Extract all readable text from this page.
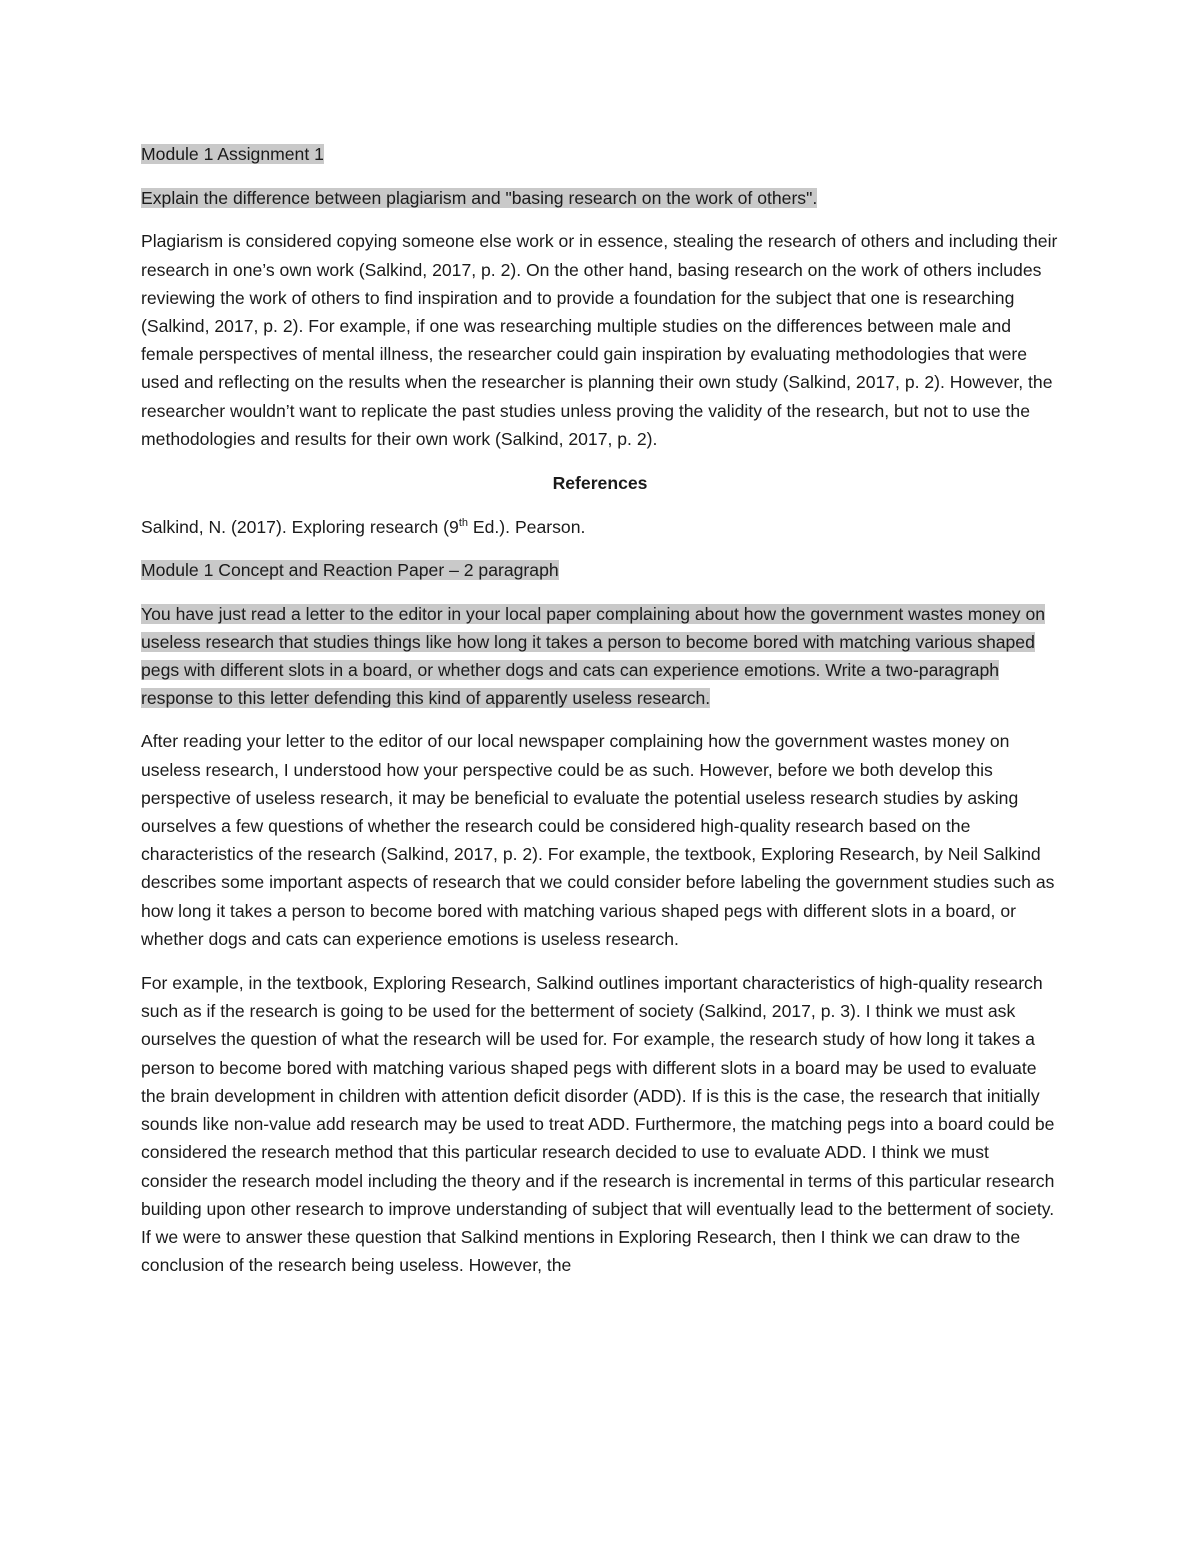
Module 1 Assignment 1

Explain the difference between plagiarism and "basing research on the work of others".

Plagiarism is considered copying someone else work or in essence, stealing the research of others and including their research in one’s own work (Salkind, 2017, p. 2). On the other hand, basing research on the work of others includes reviewing the work of others to find inspiration and to provide a foundation for the subject that one is researching (Salkind, 2017, p. 2). For example, if one was researching multiple studies on the differences between male and female perspectives of mental illness, the researcher could gain inspiration by evaluating methodologies that were used and reflecting on the results when the researcher is planning their own study (Salkind, 2017, p. 2). However, the researcher wouldn’t want to replicate the past studies unless proving the validity of the research, but not to use the methodologies and results for their own work (Salkind, 2017, p. 2).

References

Salkind, N. (2017). Exploring research (9th Ed.). Pearson.

Module 1 Concept and Reaction Paper – 2 paragraph

You have just read a letter to the editor in your local paper complaining about how the government wastes money on useless research that studies things like how long it takes a person to become bored with matching various shaped pegs with different slots in a board, or whether dogs and cats can experience emotions. Write a two-paragraph response to this letter defending this kind of apparently useless research.

After reading your letter to the editor of our local newspaper complaining how the government wastes money on useless research, I understood how your perspective could be as such. However, before we both develop this perspective of useless research, it may be beneficial to evaluate the potential useless research studies by asking ourselves a few questions of whether the research could be considered high-quality research based on the characteristics of the research (Salkind, 2017, p. 2). For example, the textbook, Exploring Research, by Neil Salkind describes some important aspects of research that we could consider before labeling the government studies such as how long it takes a person to become bored with matching various shaped pegs with different slots in a board, or whether dogs and cats can experience emotions is useless research.

For example, in the textbook, Exploring Research, Salkind outlines important characteristics of high-quality research such as if the research is going to be used for the betterment of society (Salkind, 2017, p. 3). I think we must ask ourselves the question of what the research will be used for. For example, the research study of how long it takes a person to become bored with matching various shaped pegs with different slots in a board may be used to evaluate the brain development in children with attention deficit disorder (ADD). If is this is the case, the research that initially sounds like non-value add research may be used to treat ADD. Furthermore, the matching pegs into a board could be considered the research method that this particular research decided to use to evaluate ADD. I think we must consider the research model including the theory and if the research is incremental in terms of this particular research building upon other research to improve understanding of subject that will eventually lead to the betterment of society. If we were to answer these question that Salkind mentions in Exploring Research, then I think we can draw to the conclusion of the research being useless. However, the
